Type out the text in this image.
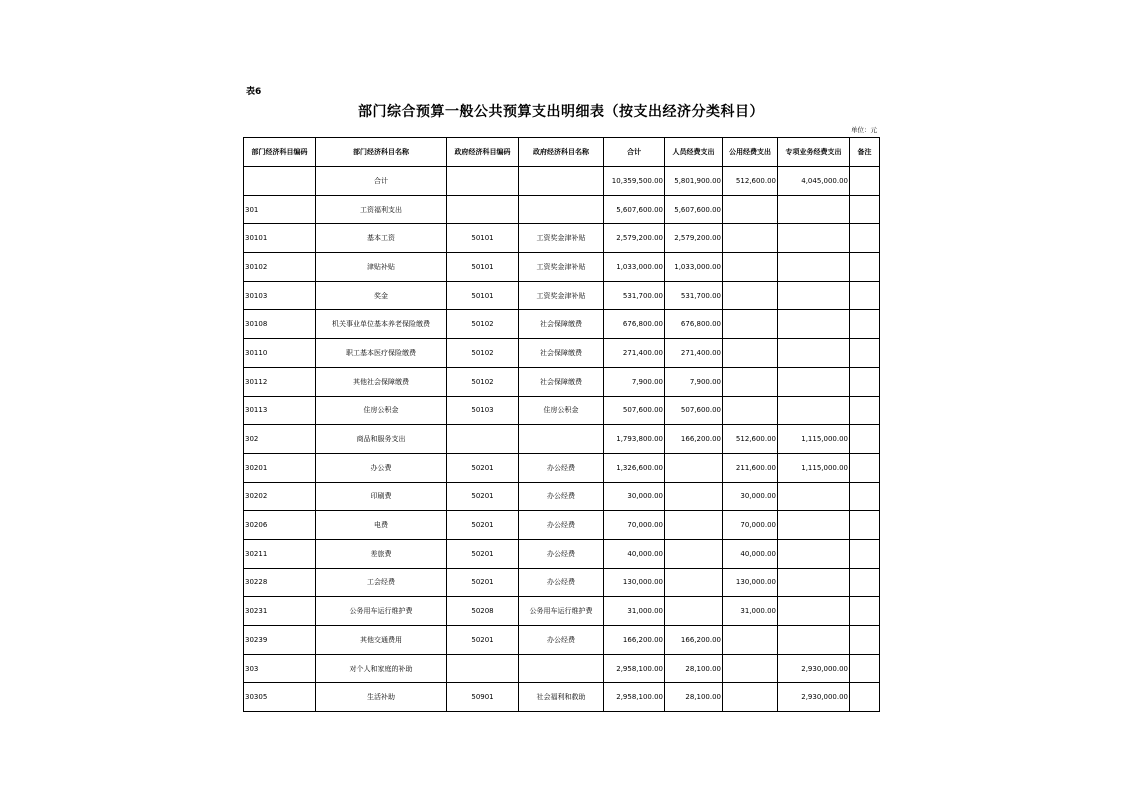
表6
部门综合预算一般公共预算支出明细表（按支出经济分类科目）
单位：元
部门经济科目编码	部门经济科目名称	政府经济科目编码	政府经济科目名称	合计	人员经费支出	公用经费支出	专项业务经费支出	备注
	合计			10,359,500.00	5,801,900.00	512,600.00	4,045,000.00	
301	工资福利支出			5,607,600.00	5,607,600.00			
30101	基本工资	50101	工资奖金津补贴	2,579,200.00	2,579,200.00			
30102	津贴补贴	50101	工资奖金津补贴	1,033,000.00	1,033,000.00			
30103	奖金	50101	工资奖金津补贴	531,700.00	531,700.00			
30108	机关事业单位基本养老保险缴费	50102	社会保障缴费	676,800.00	676,800.00			
30110	职工基本医疗保险缴费	50102	社会保障缴费	271,400.00	271,400.00			
30112	其他社会保障缴费	50102	社会保障缴费	7,900.00	7,900.00			
30113	住房公积金	50103	住房公积金	507,600.00	507,600.00			
302	商品和服务支出			1,793,800.00	166,200.00	512,600.00	1,115,000.00	
30201	办公费	50201	办公经费	1,326,600.00		211,600.00	1,115,000.00	
30202	印刷费	50201	办公经费	30,000.00		30,000.00		
30206	电费	50201	办公经费	70,000.00		70,000.00		
30211	差旅费	50201	办公经费	40,000.00		40,000.00		
30228	工会经费	50201	办公经费	130,000.00		130,000.00		
30231	公务用车运行维护费	50208	公务用车运行维护费	31,000.00		31,000.00		
30239	其他交通费用	50201	办公经费	166,200.00	166,200.00			
303	对个人和家庭的补助			2,958,100.00	28,100.00		2,930,000.00	
30305	生活补助	50901	社会福利和救助	2,958,100.00	28,100.00		2,930,000.00	
